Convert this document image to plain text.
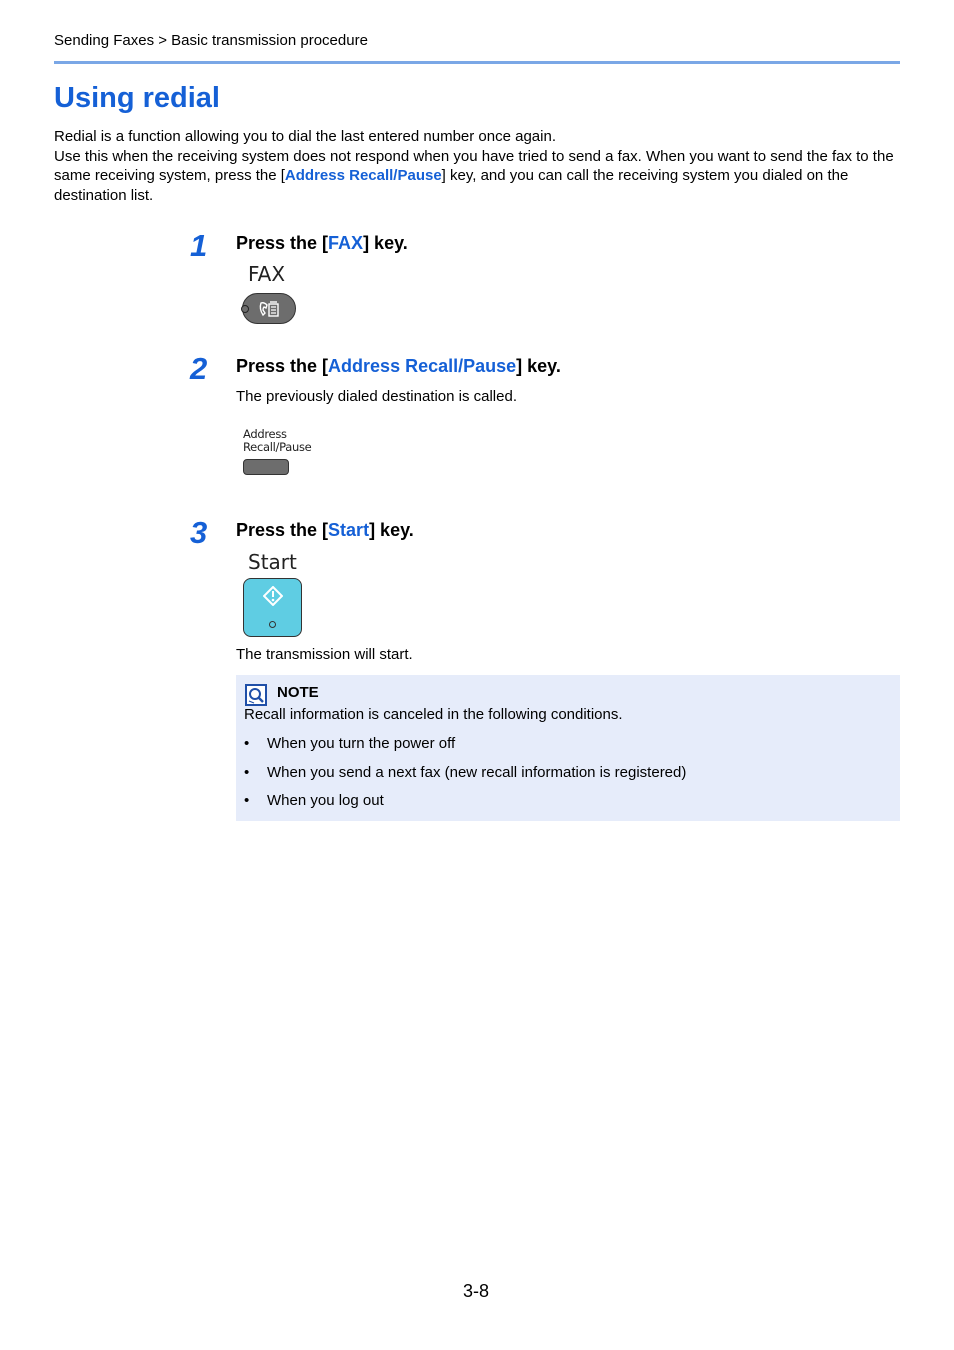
Sending Faxes > Basic transmission procedure
Using redial

Redial is a function allowing you to dial the last entered number once again.

Use this when the receiving system does not respond when you have tried to send a fax. When you want to send the fax to the same receiving system, press the [Address Recall/Pause] key, and you can call the receiving system you dialed on the destination list.

1 Press the [FAX] key.
FAX
2 Press the [Address Recall/Pause] key.
The previously dialed destination is called.
Address
Recall/Pause
3 Press the [Start] key.
Start
The transmission will start.
NOTE
Recall information is canceled in the following conditions.
• When you turn the power off
• When you send a next fax (new recall information is registered)
• When you log out
3-8
